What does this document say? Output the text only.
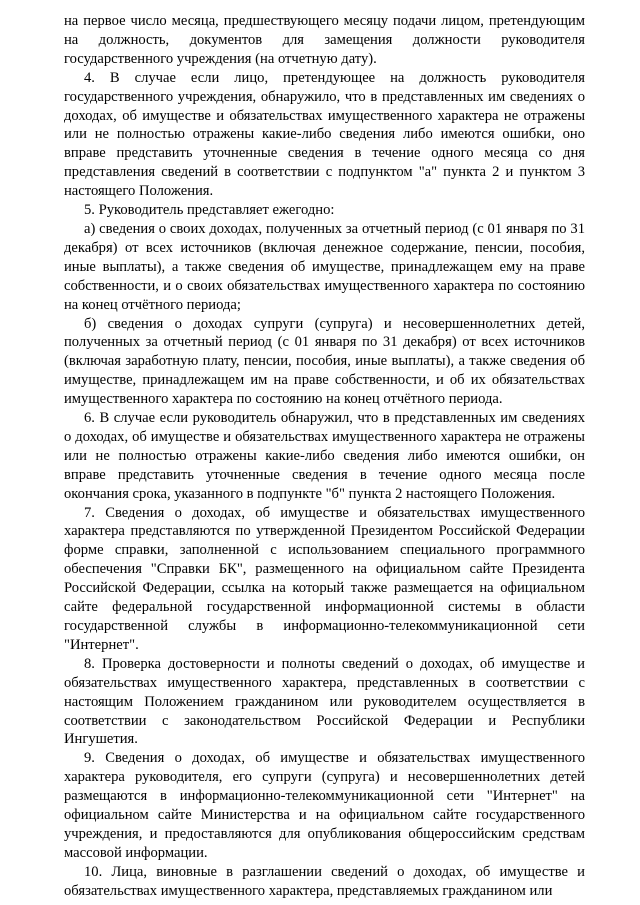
на первое число месяца, предшествующего месяцу подачи лицом, претендующим на должность, документов для замещения должности руководителя государственного учреждения (на отчетную дату).

4. В случае если лицо, претендующее на должность руководителя государственного учреждения, обнаружило, что в представленных им сведениях о доходах, об имуществе и обязательствах имущественного характера не отражены или не полностью отражены какие-либо сведения либо имеются ошибки, оно вправе представить уточненные сведения в течение одного месяца со дня представления сведений в соответствии с подпунктом "а" пункта 2 и пунктом 3 настоящего Положения.

5. Руководитель представляет ежегодно:

а) сведения о своих доходах, полученных за отчетный период (с 01 января по 31 декабря) от всех источников (включая денежное содержание, пенсии, пособия, иные выплаты), а также сведения об имуществе, принадлежащем ему на праве собственности, и о своих обязательствах имущественного характера по состоянию на конец отчётного периода;

б) сведения о доходах супруги (супруга) и несовершеннолетних детей, полученных за отчетный период (с 01 января по 31 декабря) от всех источников (включая заработную плату, пенсии, пособия, иные выплаты), а также сведения об имуществе, принадлежащем им на праве собственности, и об их обязательствах имущественного характера по состоянию на конец отчётного периода.

6. В случае если руководитель обнаружил, что в представленных им сведениях о доходах, об имуществе и обязательствах имущественного характера не отражены или не полностью отражены какие-либо сведения либо имеются ошибки, он вправе представить уточненные сведения в течение одного месяца после окончания срока, указанного в подпункте "б" пункта 2 настоящего Положения.

7. Сведения о доходах, об имуществе и обязательствах имущественного характера представляются по утвержденной Президентом Российской Федерации форме справки, заполненной с использованием специального программного обеспечения "Справки БК", размещенного на официальном сайте Президента Российской Федерации, ссылка на который также размещается на официальном сайте федеральной государственной информационной системы в области государственной службы в информационно-телекоммуникационной сети "Интернет".

8. Проверка достоверности и полноты сведений о доходах, об имуществе и обязательствах имущественного характера, представленных в соответствии с настоящим Положением гражданином или руководителем осуществляется в соответствии с законодательством Российской Федерации и Республики Ингушетия.

9. Сведения о доходах, об имуществе и обязательствах имущественного характера руководителя, его супруги (супруга) и несовершеннолетних детей размещаются в информационно-телекоммуникационной сети "Интернет" на официальном сайте Министерства и на официальном сайте государственного учреждения, и предоставляются для опубликования общероссийским средствам массовой информации.

10. Лица, виновные в разглашении сведений о доходах, об имуществе и обязательствах имущественного характера, представляемых гражданином или
